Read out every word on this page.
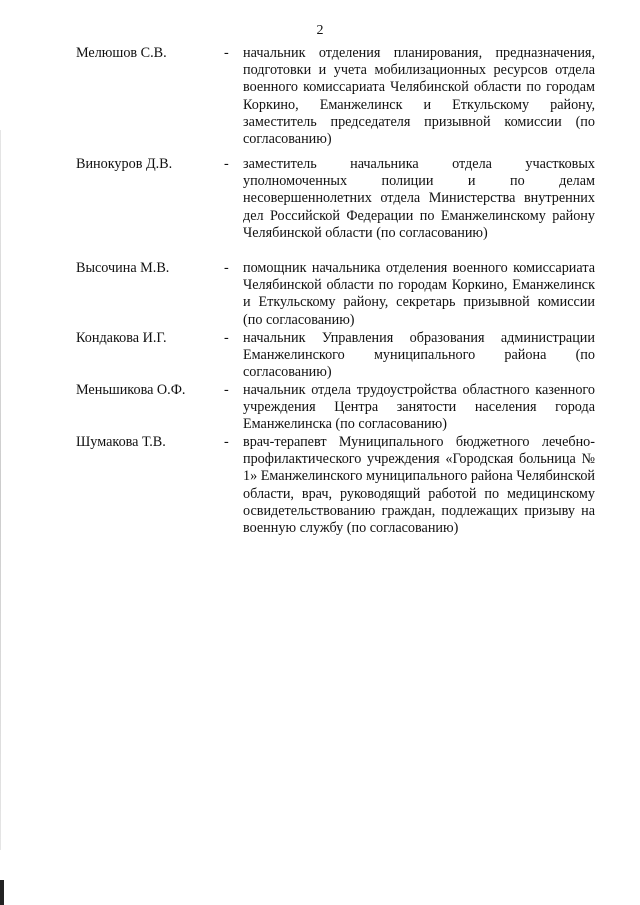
2
Мелюшов С.В.	- начальник отделения планирования, предназначения, подготовки и учета мобилизационных ресурсов отдела военного комиссариата Челябинской области по городам Коркино, Еманжелинск и Еткульскому району, заместитель председателя призывной комиссии (по согласованию)
Винокуров Д.В.	- заместитель начальника отдела участковых уполномоченных полиции и по делам несовершеннолетних отдела Министерства внутренних дел Российской Федерации по Еманжелинскому району Челябинской области (по согласованию)
Высочина М.В.	- помощник начальника отделения военного комиссариата Челябинской области по городам Коркино, Еманжелинск и Еткульскому району, секретарь призывной комиссии (по согласованию)
Кондакова И.Г.	- начальник Управления образования администрации Еманжелинского муниципального района (по согласованию)
Меньшикова О.Ф.	- начальник отдела трудоустройства областного казенного учреждения Центра занятости населения города Еманжелинска (по согласованию)
Шумакова Т.В.	- врач-терапевт Муниципального бюджетного лечебно-профилактического учреждения «Городская больница № 1» Еманжелинского муниципального района Челябинской области, врач, руководящий работой по медицинскому освидетельствованию граждан, подлежащих призыву на военную службу (по согласованию)
